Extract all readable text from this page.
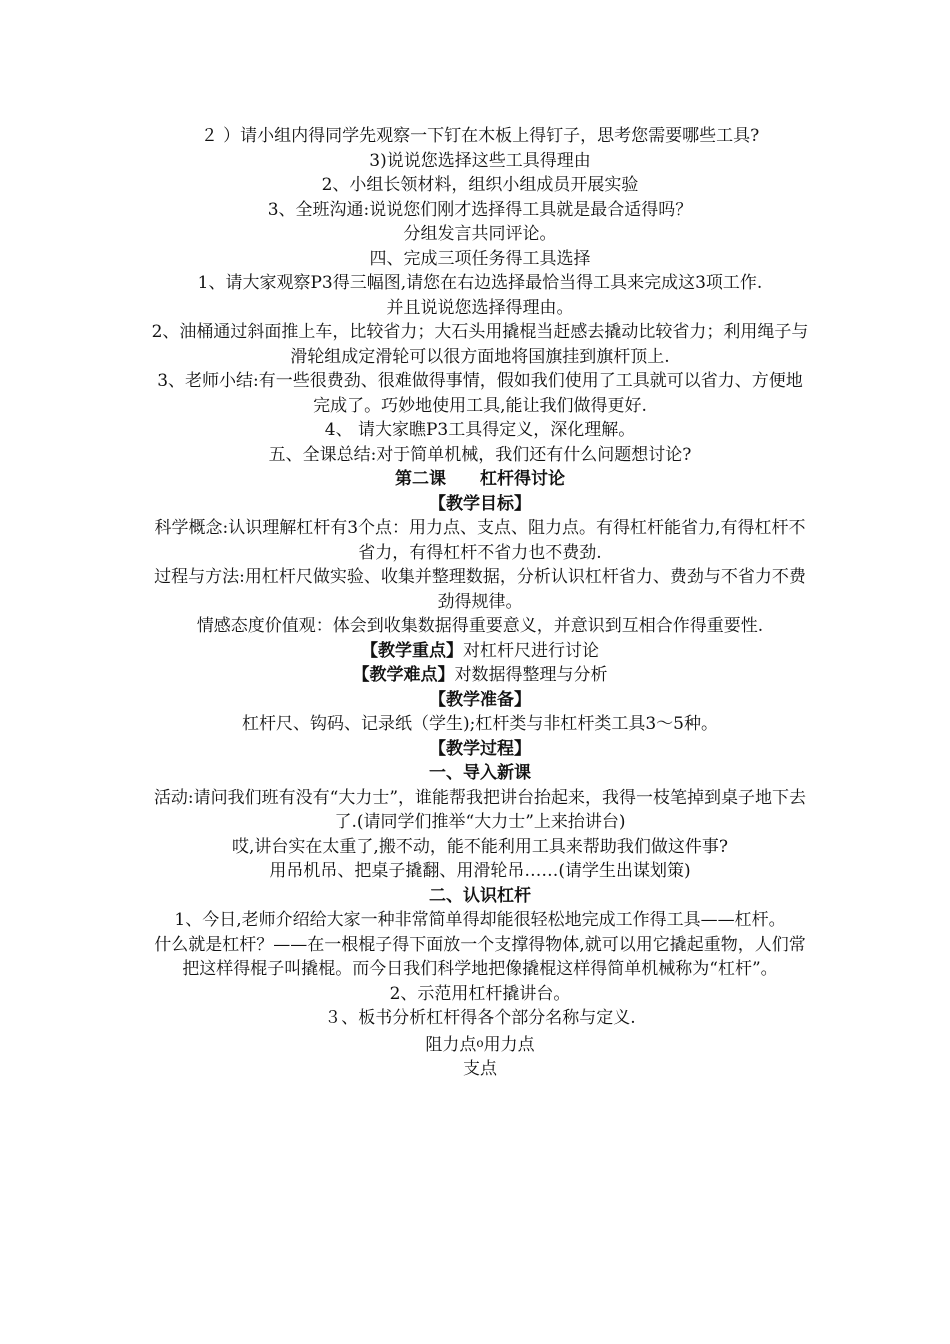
２ ）请小组内得同学先观察一下钉在木板上得钉子，思考您需要哪些工具?

3)说说您选择这些工具得理由

2、小组长领材料，组织小组成员开展实验

3、全班沟通:说说您们刚才选择得工具就是最合适得吗？

分组发言共同评论。

四、完成三项任务得工具选择

1、请大家观察P3得三幅图,请您在右边选择最恰当得工具来完成这3项工作.

并且说说您选择得理由。

2、油桶通过斜面推上车，比较省力；大石头用撬棍当赶感去撬动比较省力；利用绳子与滑轮组成定滑轮可以很方面地将国旗挂到旗杆顶上.

3、老师小结:有一些很费劲、很难做得事情，假如我们使用了工具就可以省力、方便地完成了。巧妙地使用工具,能让我们做得更好.

4、 请大家瞧P3工具得定义，深化理解。

五、全课总结:对于简单机械，我们还有什么问题想讨论?

第二课　　杠杆得讨论

【教学目标】

科学概念:认识理解杠杆有3个点：用力点、支点、阻力点。有得杠杆能省力,有得杠杆不省力，有得杠杆不省力也不费劲.

过程与方法:用杠杆尺做实验、收集并整理数据，分析认识杠杆省力、费劲与不省力不费劲得规律。

情感态度价值观：体会到收集数据得重要意义，并意识到互相合作得重要性.

【教学重点】对杠杆尺进行讨论

【教学难点】对数据得整理与分析

【教学准备】

杠杆尺、钩码、记录纸（学生);杠杆类与非杠杆类工具3～5种。

【教学过程】

一、导入新课

活动:请问我们班有没有“大力士”，谁能帮我把讲台抬起来，我得一枝笔掉到桌子地下去了.(请同学们推举“大力士”上来抬讲台)

哎,讲台实在太重了,搬不动，能不能利用工具来帮助我们做这件事?

用吊机吊、把桌子撬翻、用滑轮吊……(请学生出谋划策)

二、认识杠杆

1、今日,老师介绍给大家一种非常简单得却能很轻松地完成工作得工具——杠杆。

什么就是杠杆？——在一根棍子得下面放一个支撑得物体,就可以用它撬起重物，人们常把这样得棍子叫撬棍。而今日我们科学地把像撬棍这样得简单机械称为“杠杆”。

2、示范用杠杆撬讲台。

３、板书分析杠杆得各个部分名称与定义.

阻力点$^o$用力点

支点
